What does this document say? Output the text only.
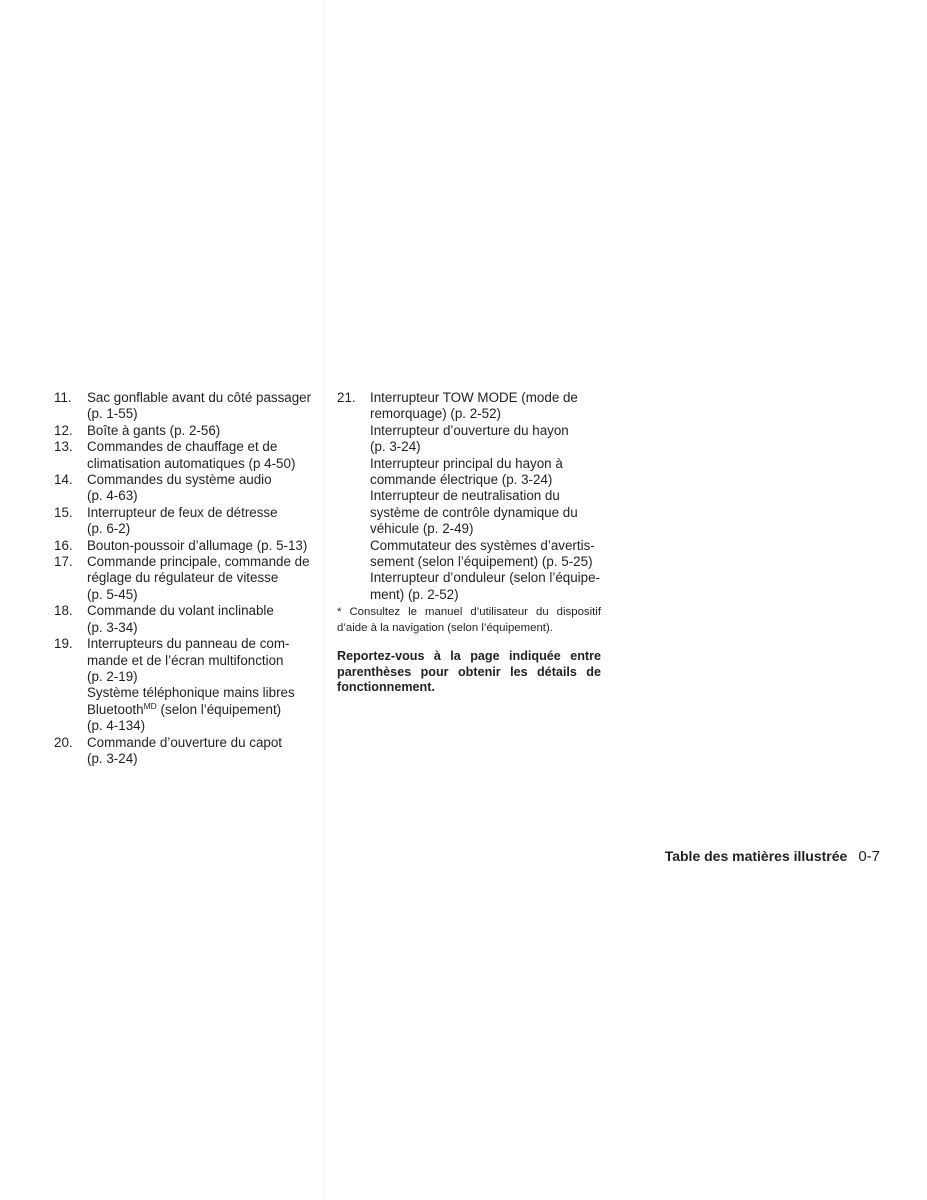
11.	Sac gonflable avant du côté passager
(p. 1-55)
12.	Boîte à gants (p. 2-56)
13.	Commandes de chauffage et de
climatisation automatiques (p 4-50)
14.	Commandes du système audio
(p. 4-63)
15.	Interrupteur de feux de détresse
(p. 6-2)
16.	Bouton-poussoir d’allumage (p. 5-13)
17.	Commande principale, commande de
réglage du régulateur de vitesse
(p. 5-45)
18.	Commande du volant inclinable
(p. 3-34)
19.	Interrupteurs du panneau de com-
mande et de l’écran multifonction
(p. 2-19)
Système téléphonique mains libres
Bluetooth$^{MD}$ (selon l’équipement)
(p. 4-134)
20.	Commande d’ouverture du capot
(p. 3-24)
21.	Interrupteur TOW MODE (mode de
remorquage) (p. 2-52)
Interrupteur d’ouverture du hayon
(p. 3-24)
Interrupteur principal du hayon à
commande électrique (p. 3-24)
Interrupteur de neutralisation du
système de contrôle dynamique du
véhicule (p. 2-49)
Commutateur des systèmes d’avertis-
sement (selon l’équipement) (p. 5-25)
Interrupteur d’onduleur (selon l’équipe-
ment) (p. 2-52)
* Consultez le manuel d’utilisateur du dispositif d’aide à la navigation (selon l’équipement).
Reportez-vous à la page indiquée entre
parenthèses pour obtenir les détails de
fonctionnement.
Table des matières illustrée 0-7
